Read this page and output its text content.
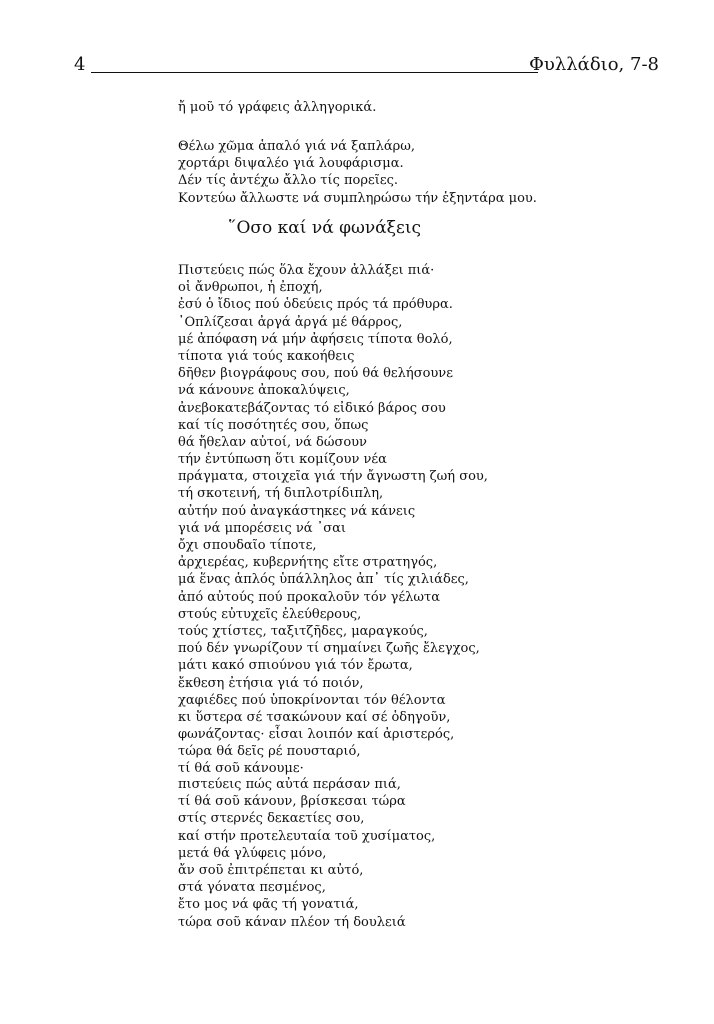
4	Φυλλάδιο, 7-8
ἤ μοῦ τό γράφεις ἀλληγορικά.
Θέλω χῶμα ἁπαλό γιά νά ξαπλάρω,
χορτάρι διψαλέο γιά λουφάρισμα.
Δέν τίς ἀντέχω ἄλλο τίς πορεῖες.
Κοντεύω ἄλλωστε νά συμπληρώσω τήν ἑξηντάρα μου.
῞Οσο καί νά φωνάξεις
Πιστεύεις πώς ὅλα ἔχουν ἀλλάξει πιά·
οἱ ἄνθρωποι, ἡ ἐποχή,
ἐσύ ὁ ἴδιος πού ὁδεύεις πρός τά πρόθυρα.
᾿Οπλίζεσαι ἀργά ἀργά μέ θάρρος,
μέ ἀπόφαση νά μήν ἀφήσεις τίποτα θολό,
τίποτα γιά τούς κακοήθεις
δῆθεν βιογράφους σου, πού θά θελήσουνε
νά κάνουνε ἀποκαλύψεις,
ἀνεβοκατεβάζοντας τό εἰδικό βάρος σου
καί τίς ποσότητές σου, ὅπως
θά ἤθελαν αὐτοί, νά δώσουν
τήν ἐντύπωση ὅτι κομίζουν νέα
πράγματα, στοιχεῖα γιά τήν ἄγνωστη ζωή σου,
τή σκοτεινή, τή διπλοτρίδιπλη,
αὐτήν πού ἀναγκάστηκες νά κάνεις
γιά νά μπορέσεις νά ᾿σαι
ὄχι σπουδαῖο τίποτε,
ἀρχιερέας, κυβερνήτης εἴτε στρατηγός,
μά ἕνας ἁπλός ὑπάλληλος ἀπ᾿ τίς χιλιάδες,
ἀπό αὐτούς πού προκαλοῦν τόν γέλωτα
στούς εὐτυχεῖς ἐλεύθερους,
τούς χτίστες, ταξιτζῆδες, μαραγκούς,
πού δέν γνωρίζουν τί σημαίνει ζωῆς ἔλεγχος,
μάτι κακό σπιούνου γιά τόν ἔρωτα,
ἔκθεση ἐτήσια γιά τό ποιόν,
χαφιέδες πού ὑποκρίνονται τόν θέλοντα
κι ὕστερα σέ τσακώνουν καί σέ ὁδηγοῦν,
φωνάζοντας· εἶσαι λοιπόν καί ἀριστερός,
τώρα θά δεῖς ρέ πουσταριό,
τί θά σοῦ κάνουμε·
πιστεύεις πώς αὐτά περάσαν πιά,
τί θά σοῦ κάνουν, βρίσκεσαι τώρα
στίς στερνές δεκαετίες σου,
καί στήν προτελευταία τοῦ χυσίματος,
μετά θά γλύφεις μόνο,
ἄν σοῦ ἐπιτρέπεται κι αὐτό,
στά γόνατα πεσμένος,
ἔτο μος νά φᾶς τή γονατιά,
τώρα σοῦ κάναν πλέον τή δουλειά
